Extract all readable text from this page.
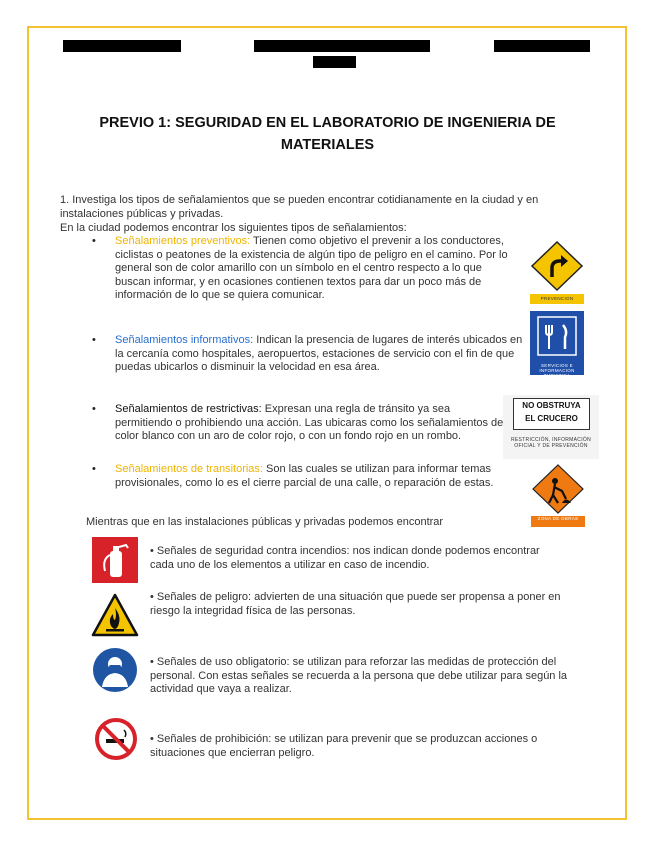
PREVIO 1: SEGURIDAD EN EL LABORATORIO DE INGENIERIA DE
MATERIALES
1. Investiga los tipos de señalamientos que se pueden encontrar cotidianamente en la ciudad y en instalaciones públicas y privadas.
En la ciudad podemos encontrar los siguientes tipos de señalamientos:
• Señalamientos preventivos: Tienen como objetivo el prevenir a los conductores, ciclistas o peatones de la existencia de algún tipo de peligro en el camino. Por lo general son de color amarillo con un símbolo en el centro respecto a lo que buscan informar, y en ocasiones contienen textos para dar un poco más de información de lo que se quiera comunicar.
• Señalamientos informativos: Indican la presencia de lugares de interés ubicados en la cercanía como hospitales, aeropuertos, estaciones de servicio con el fin de que puedas ubicarlos o disminuir la velocidad en esa área.
• Señalamientos de restrictivas: Expresan una regla de tránsito ya sea permitiendo o prohibiendo una acción. Las ubicaras como los señalamientos de color blanco con un aro de color rojo, o con un fondo rojo en un rombo.
• Señalamientos de transitorias: Son las cuales se utilizan para informar temas provisionales, como lo es el cierre parcial de una calle, o reparación de estas.
PREVENCION
SERVICIOS E INFORMACION TURISTICA
NO OBSTRUYA
EL CRUCERO
RESTRICCIÓN, INFORMACIÓN OFICIAL Y DE PREVENCIÓN
ZONA DE OBRAS
Mientras que en las instalaciones públicas y privadas podemos encontrar
• Señales de seguridad contra incendios: nos indican donde podemos encontrar cada uno de los elementos a utilizar en caso de incendio.
• Señales de peligro: advierten de una situación que puede ser propensa a poner en riesgo la integridad física de las personas.
• Señales de uso obligatorio: se utilizan para reforzar las medidas de protección del personal. Con estas señales se recuerda a la persona que debe utilizar para según la actividad que vaya a realizar.
• Señales de prohibición: se utilizan para prevenir que se produzcan acciones o situaciones que encierran peligro.
